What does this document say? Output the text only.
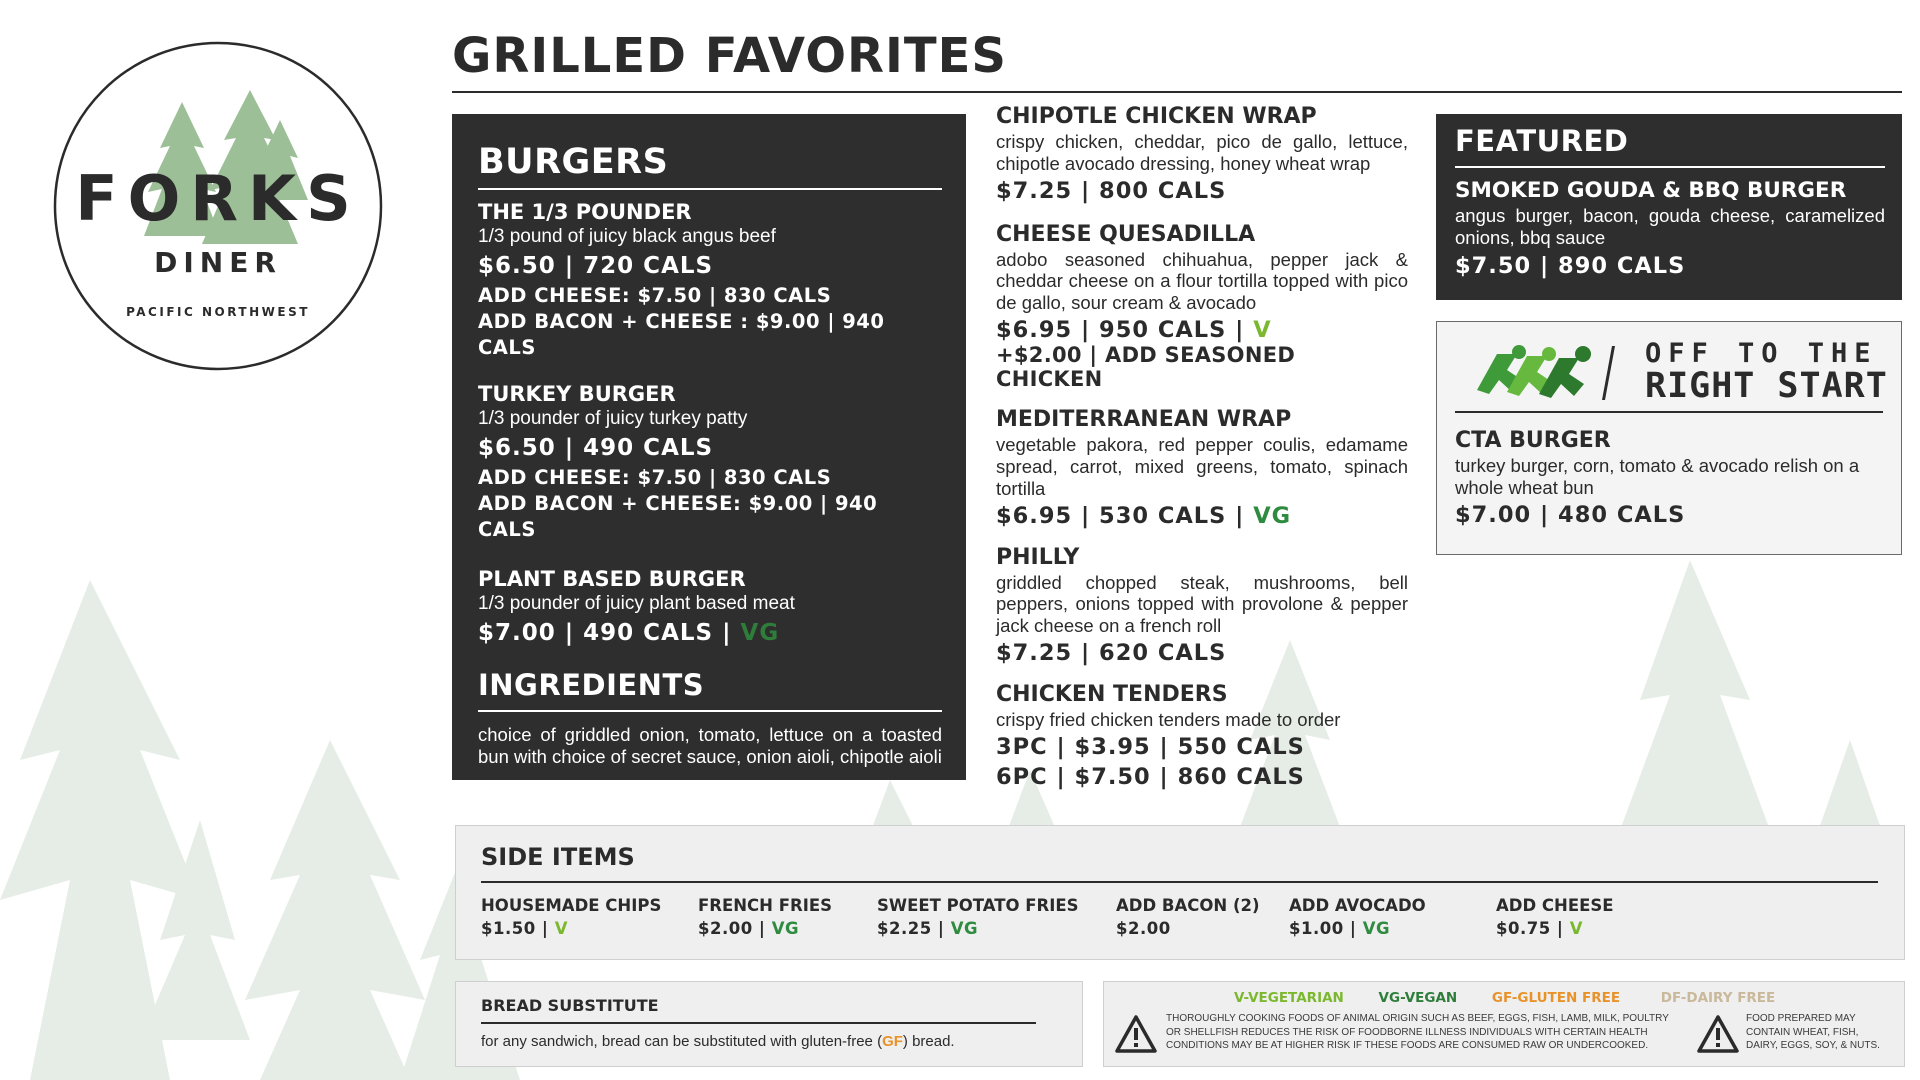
FORKS
DINER
PACIFIC NORTHWEST
GRILLED FAVORITES
BURGERS

THE 1/3 POUNDER

1/3 pound of juicy black angus beef

$6.50 | 720 CALS

ADD CHEESE: $7.50 | 830 CALS

ADD BACON + CHEESE : $9.00 | 940 CALS

TURKEY BURGER

1/3 pounder of juicy turkey patty

$6.50 | 490 CALS

ADD CHEESE: $7.50 | 830 CALS

ADD BACON + CHEESE: $9.00 | 940 CALS

PLANT BASED BURGER

1/3 pounder of juicy plant based meat

$7.00 | 490 CALS | VG

INGREDIENTS

choice of griddled onion, tomato, lettuce on a toasted bun with choice of secret sauce, onion aioli, chipotle aioli

CHIPOTLE CHICKEN WRAP

crispy chicken, cheddar, pico de gallo, lettuce, chipotle avocado dressing, honey wheat wrap

$7.25 | 800 CALS

CHEESE QUESADILLA

adobo seasoned chihuahua, pepper jack & cheddar cheese on a flour tortilla topped with pico de gallo, sour cream & avocado

$6.95 | 950 CALS | V

+$2.00 | ADD SEASONED CHICKEN

MEDITERRANEAN WRAP

vegetable pakora, red pepper coulis, edamame spread, carrot, mixed greens, tomato, spinach tortilla

$6.95 | 530 CALS | VG

PHILLY

griddled chopped steak, mushrooms, bell peppers, onions topped with provolone & pepper jack cheese on a french roll

$7.25 | 620 CALS

CHICKEN TENDERS

crispy fried chicken tenders made to order

3PC | $3.95 | 550 CALS

6PC | $7.50 | 860 CALS

FEATURED

SMOKED GOUDA & BBQ BURGER

angus burger, bacon, gouda cheese, caramelized onions, bbq sauce

$7.50 | 890 CALS

OFF TO THE
RIGHT START

CTA BURGER

turkey burger, corn, tomato & avocado relish on a whole wheat bun

$7.00 | 480 CALS

SIDE ITEMS

HOUSEMADE CHIPS

$1.50 | V

FRENCH FRIES

$2.00 | VG

SWEET POTATO FRIES

$2.25 | VG

ADD BACON (2)

$2.00

ADD AVOCADO

$1.00 | VG

ADD CHEESE

$0.75 | V

BREAD SUBSTITUTE

for any sandwich, bread can be substituted with gluten-free (GF) bread.

V-VEGETARIAN	VG-VEGAN	GF-GLUTEN FREE	DF-DAIRY FREE

THOROUGHLY COOKING FOODS OF ANIMAL ORIGIN SUCH AS BEEF, EGGS, FISH, LAMB, MILK, POULTRY OR SHELLFISH REDUCES THE RISK OF FOODBORNE ILLNESS INDIVIDUALS WITH CERTAIN HEALTH CONDITIONS MAY BE AT HIGHER RISK IF THESE FOODS ARE CONSUMED RAW OR UNDERCOOKED.

FOOD PREPARED MAY CONTAIN WHEAT, FISH, DAIRY, EGGS, SOY, & NUTS.
